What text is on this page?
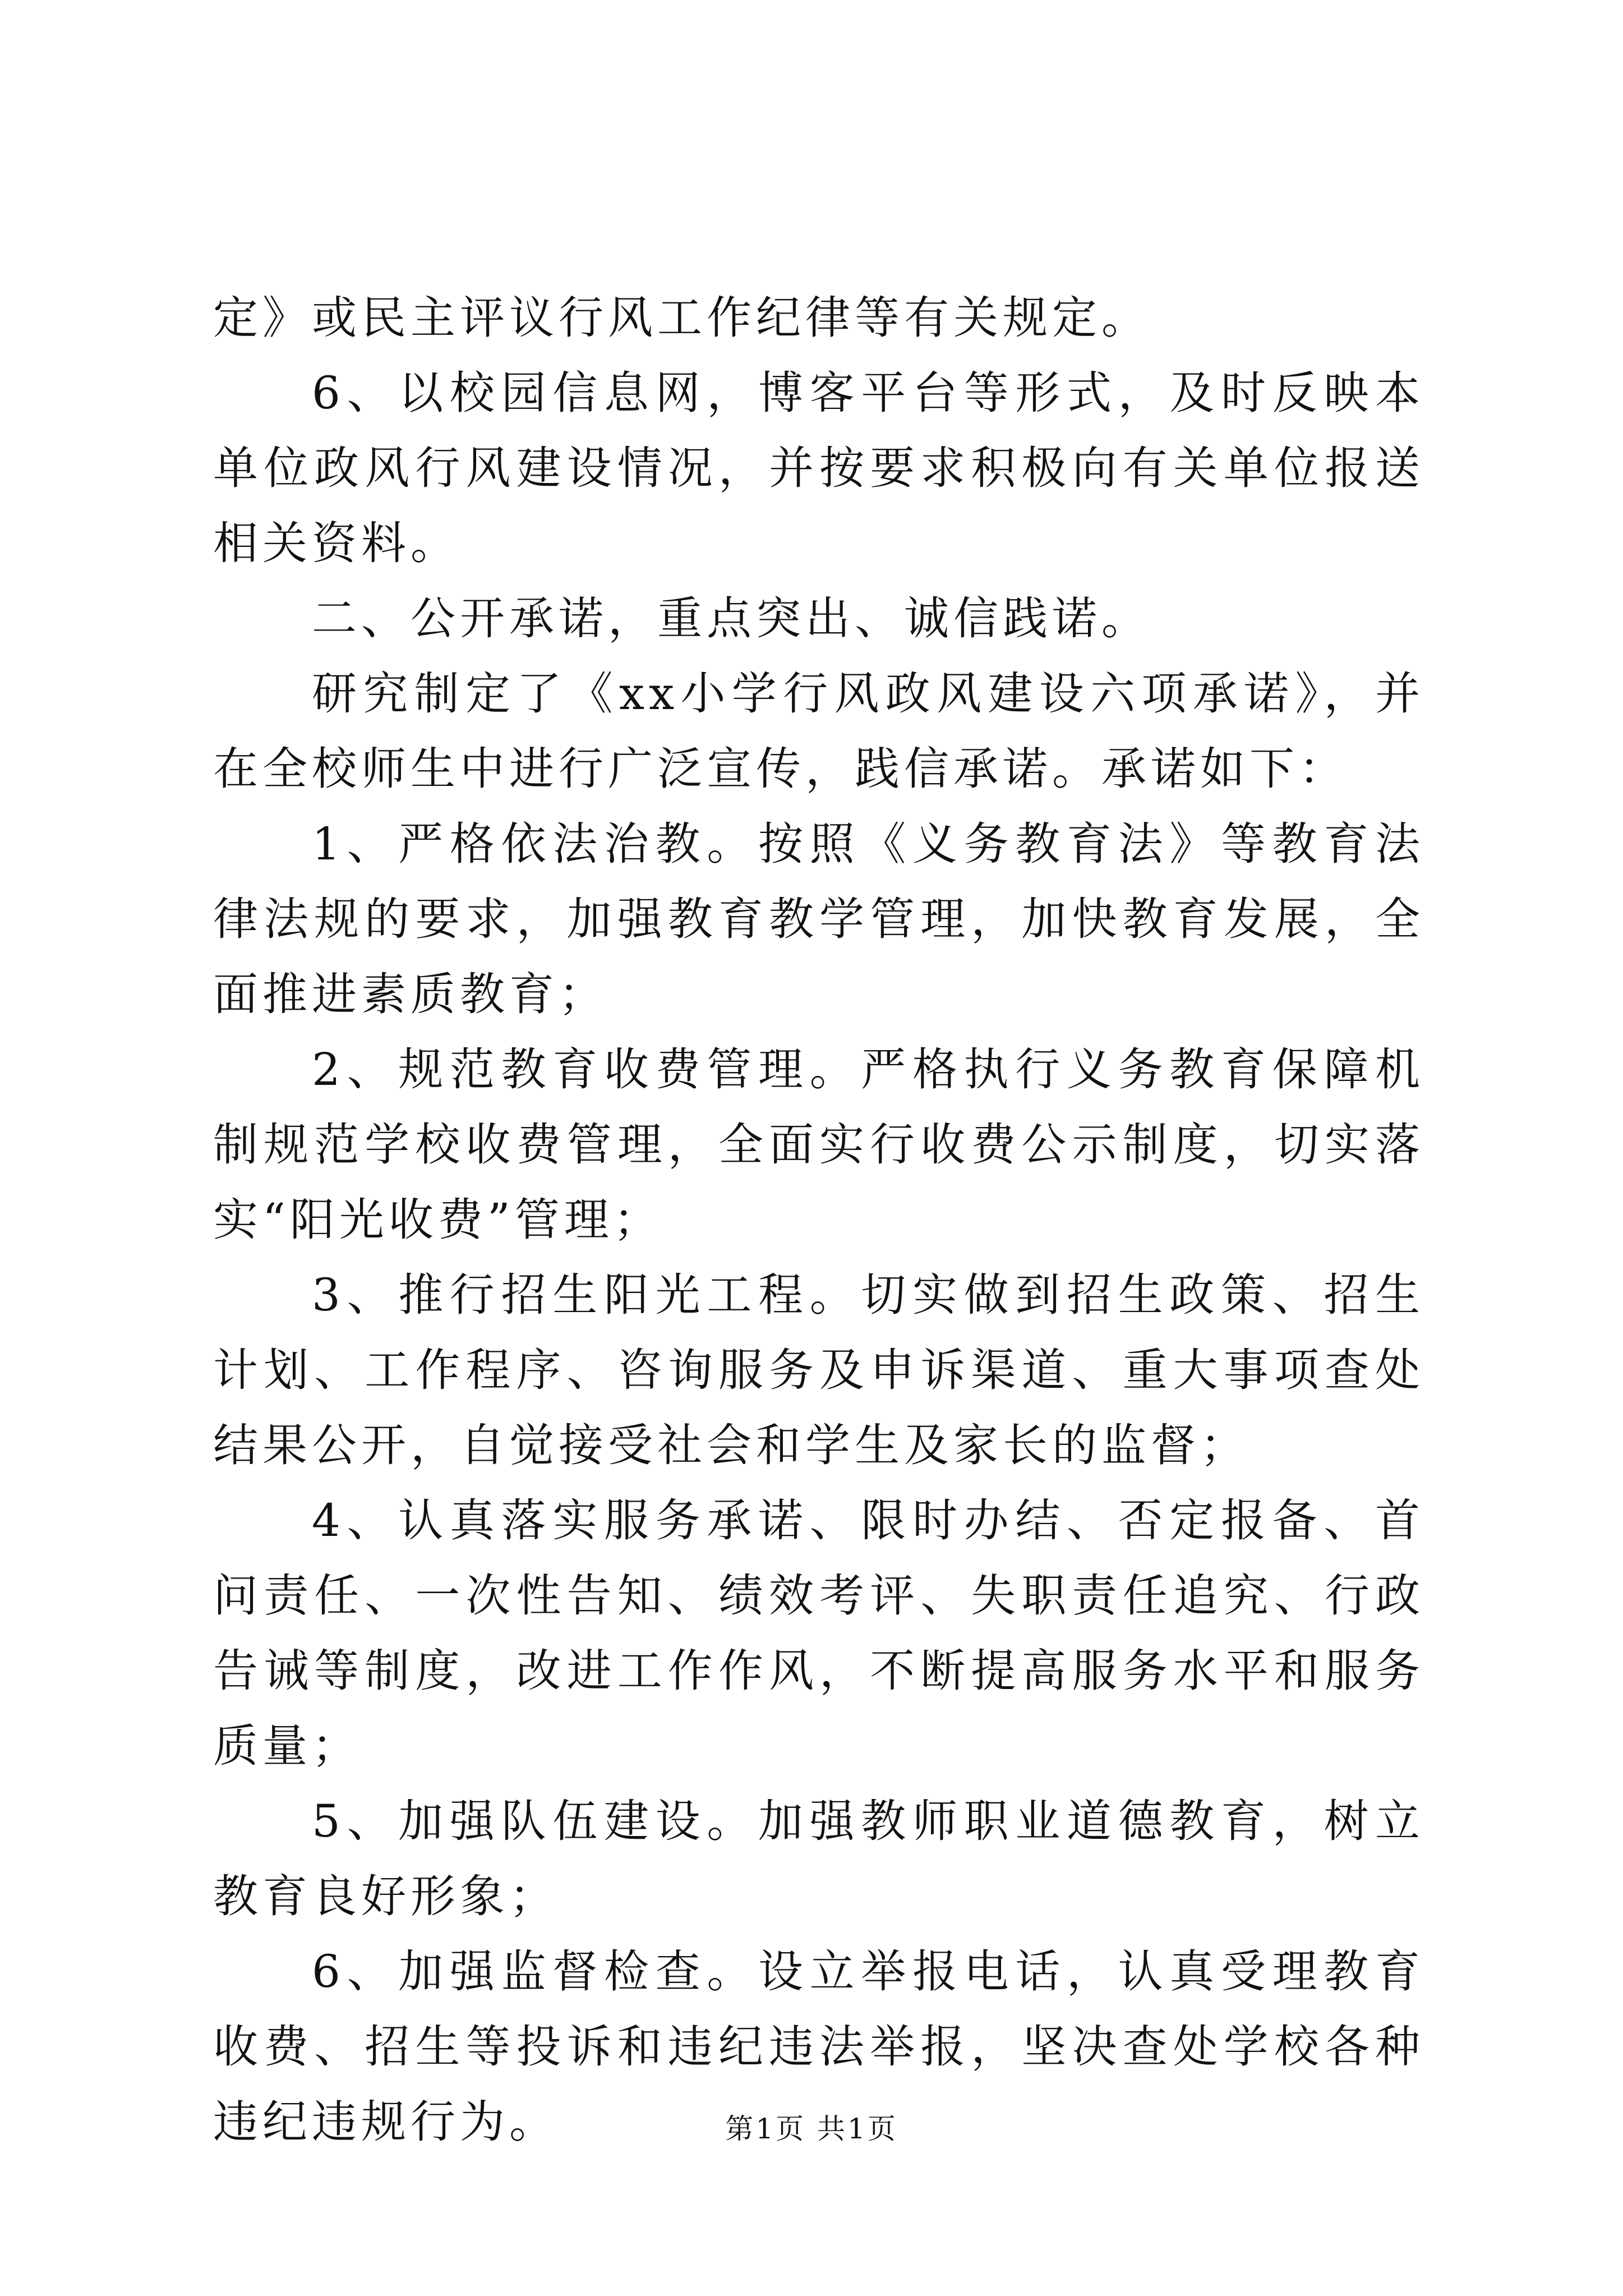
定》或民主评议行风工作纪律等有关规定。

6、以校园信息网，博客平台等形式，及时反映本单位政风行风建设情况，并按要求积极向有关单位报送相关资料。

二、公开承诺，重点突出、诚信践诺。

研究制定了《xx小学行风政风建设六项承诺》，并在全校师生中进行广泛宣传，践信承诺。承诺如下：

1、严格依法治教。按照《义务教育法》等教育法律法规的要求，加强教育教学管理，加快教育发展，全面推进素质教育；

2、规范教育收费管理。严格执行义务教育保障机制规范学校收费管理，全面实行收费公示制度，切实落实“阳光收费”管理；

3、推行招生阳光工程。切实做到招生政策、招生计划、工作程序、咨询服务及申诉渠道、重大事项查处结果公开，自觉接受社会和学生及家长的监督；

4、认真落实服务承诺、限时办结、否定报备、首问责任、一次性告知、绩效考评、失职责任追究、行政告诫等制度，改进工作作风，不断提高服务水平和服务质量；

5、加强队伍建设。加强教师职业道德教育，树立教育良好形象；

6、加强监督检查。设立举报电话，认真受理教育收费、招生等投诉和违纪违法举报，坚决查处学校各种违纪违规行为。	第1页 共1页
